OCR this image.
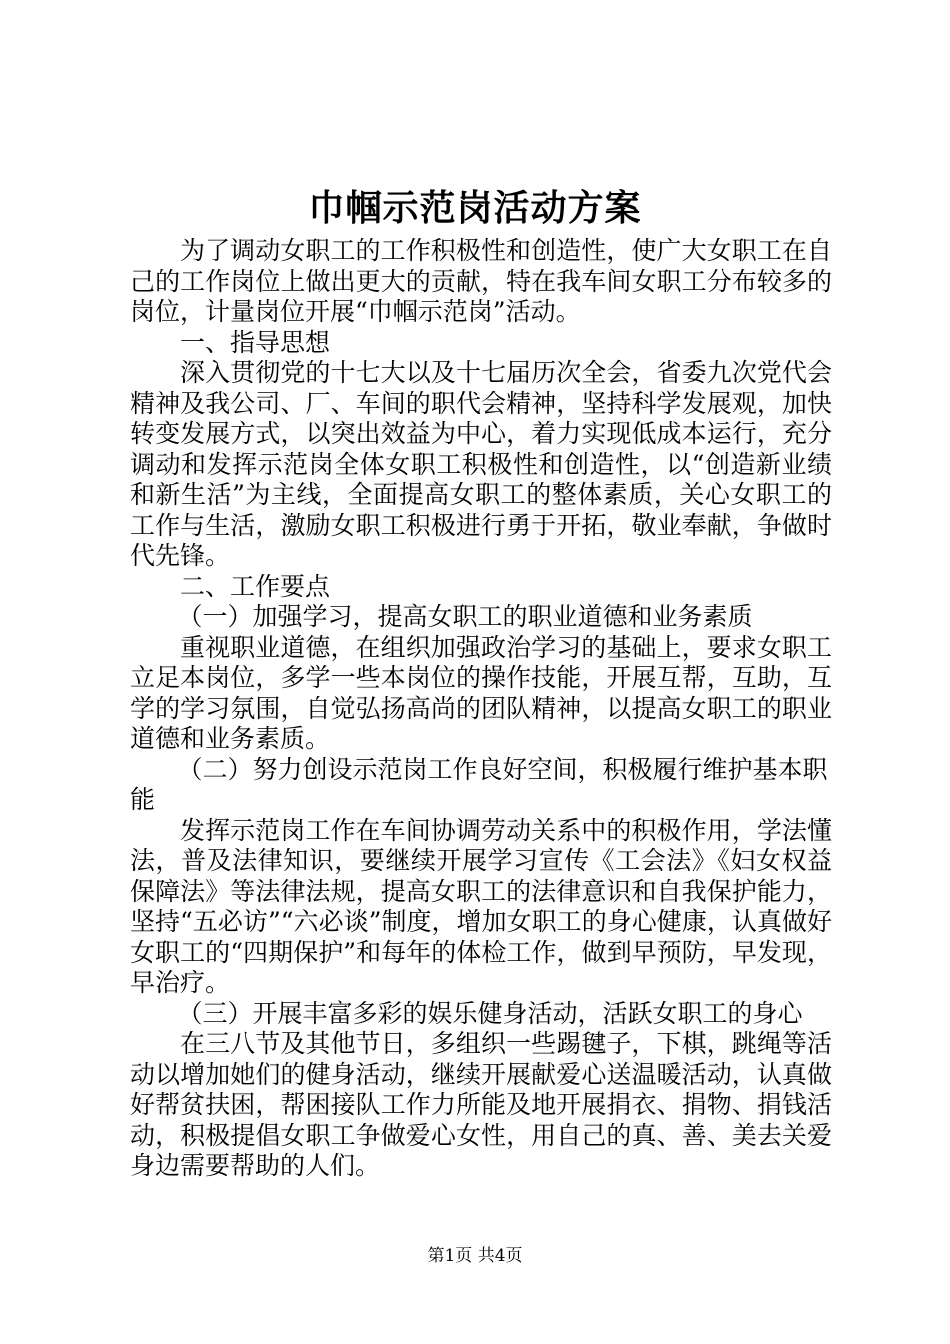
巾帼示范岗活动方案

为了调动女职工的工作积极性和创造性，使广大女职工在自己的工作岗位上做出更大的贡献，特在我车间女职工分布较多的岗位，计量岗位开展“巾帼示范岗”活动。

一、指导思想

深入贯彻党的十七大以及十七届历次全会，省委九次党代会精神及我公司、厂、车间的职代会精神，坚持科学发展观，加快转变发展方式，以突出效益为中心，着力实现低成本运行，充分调动和发挥示范岗全体女职工积极性和创造性，以“创造新业绩和新生活”为主线，全面提高女职工的整体素质，关心女职工的工作与生活，激励女职工积极进行勇于开拓，敬业奉献，争做时代先锋。

二、工作要点

（一）加强学习，提高女职工的职业道德和业务素质

重视职业道德，在组织加强政治学习的基础上，要求女职工立足本岗位，多学一些本岗位的操作技能，开展互帮，互助，互学的学习氛围，自觉弘扬高尚的团队精神，以提高女职工的职业道德和业务素质。

（二）努力创设示范岗工作良好空间，积极履行维护基本职能

发挥示范岗工作在车间协调劳动关系中的积极作用，学法懂法，普及法律知识，要继续开展学习宣传《工会法》《妇女权益保障法》等法律法规，提高女职工的法律意识和自我保护能力，坚持“五必访”“六必谈”制度，增加女职工的身心健康，认真做好女职工的“四期保护”和每年的体检工作，做到早预防，早发现，早治疗。

（三）开展丰富多彩的娱乐健身活动，活跃女职工的身心

在三八节及其他节日，多组织一些踢毽子，下棋，跳绳等活动以增加她们的健身活动，继续开展献爱心送温暖活动，认真做好帮贫扶困，帮困接队工作力所能及地开展捐衣、捐物、捐钱活动，积极提倡女职工争做爱心女性，用自己的真、善、美去关爱身边需要帮助的人们。

第1页 共4页
